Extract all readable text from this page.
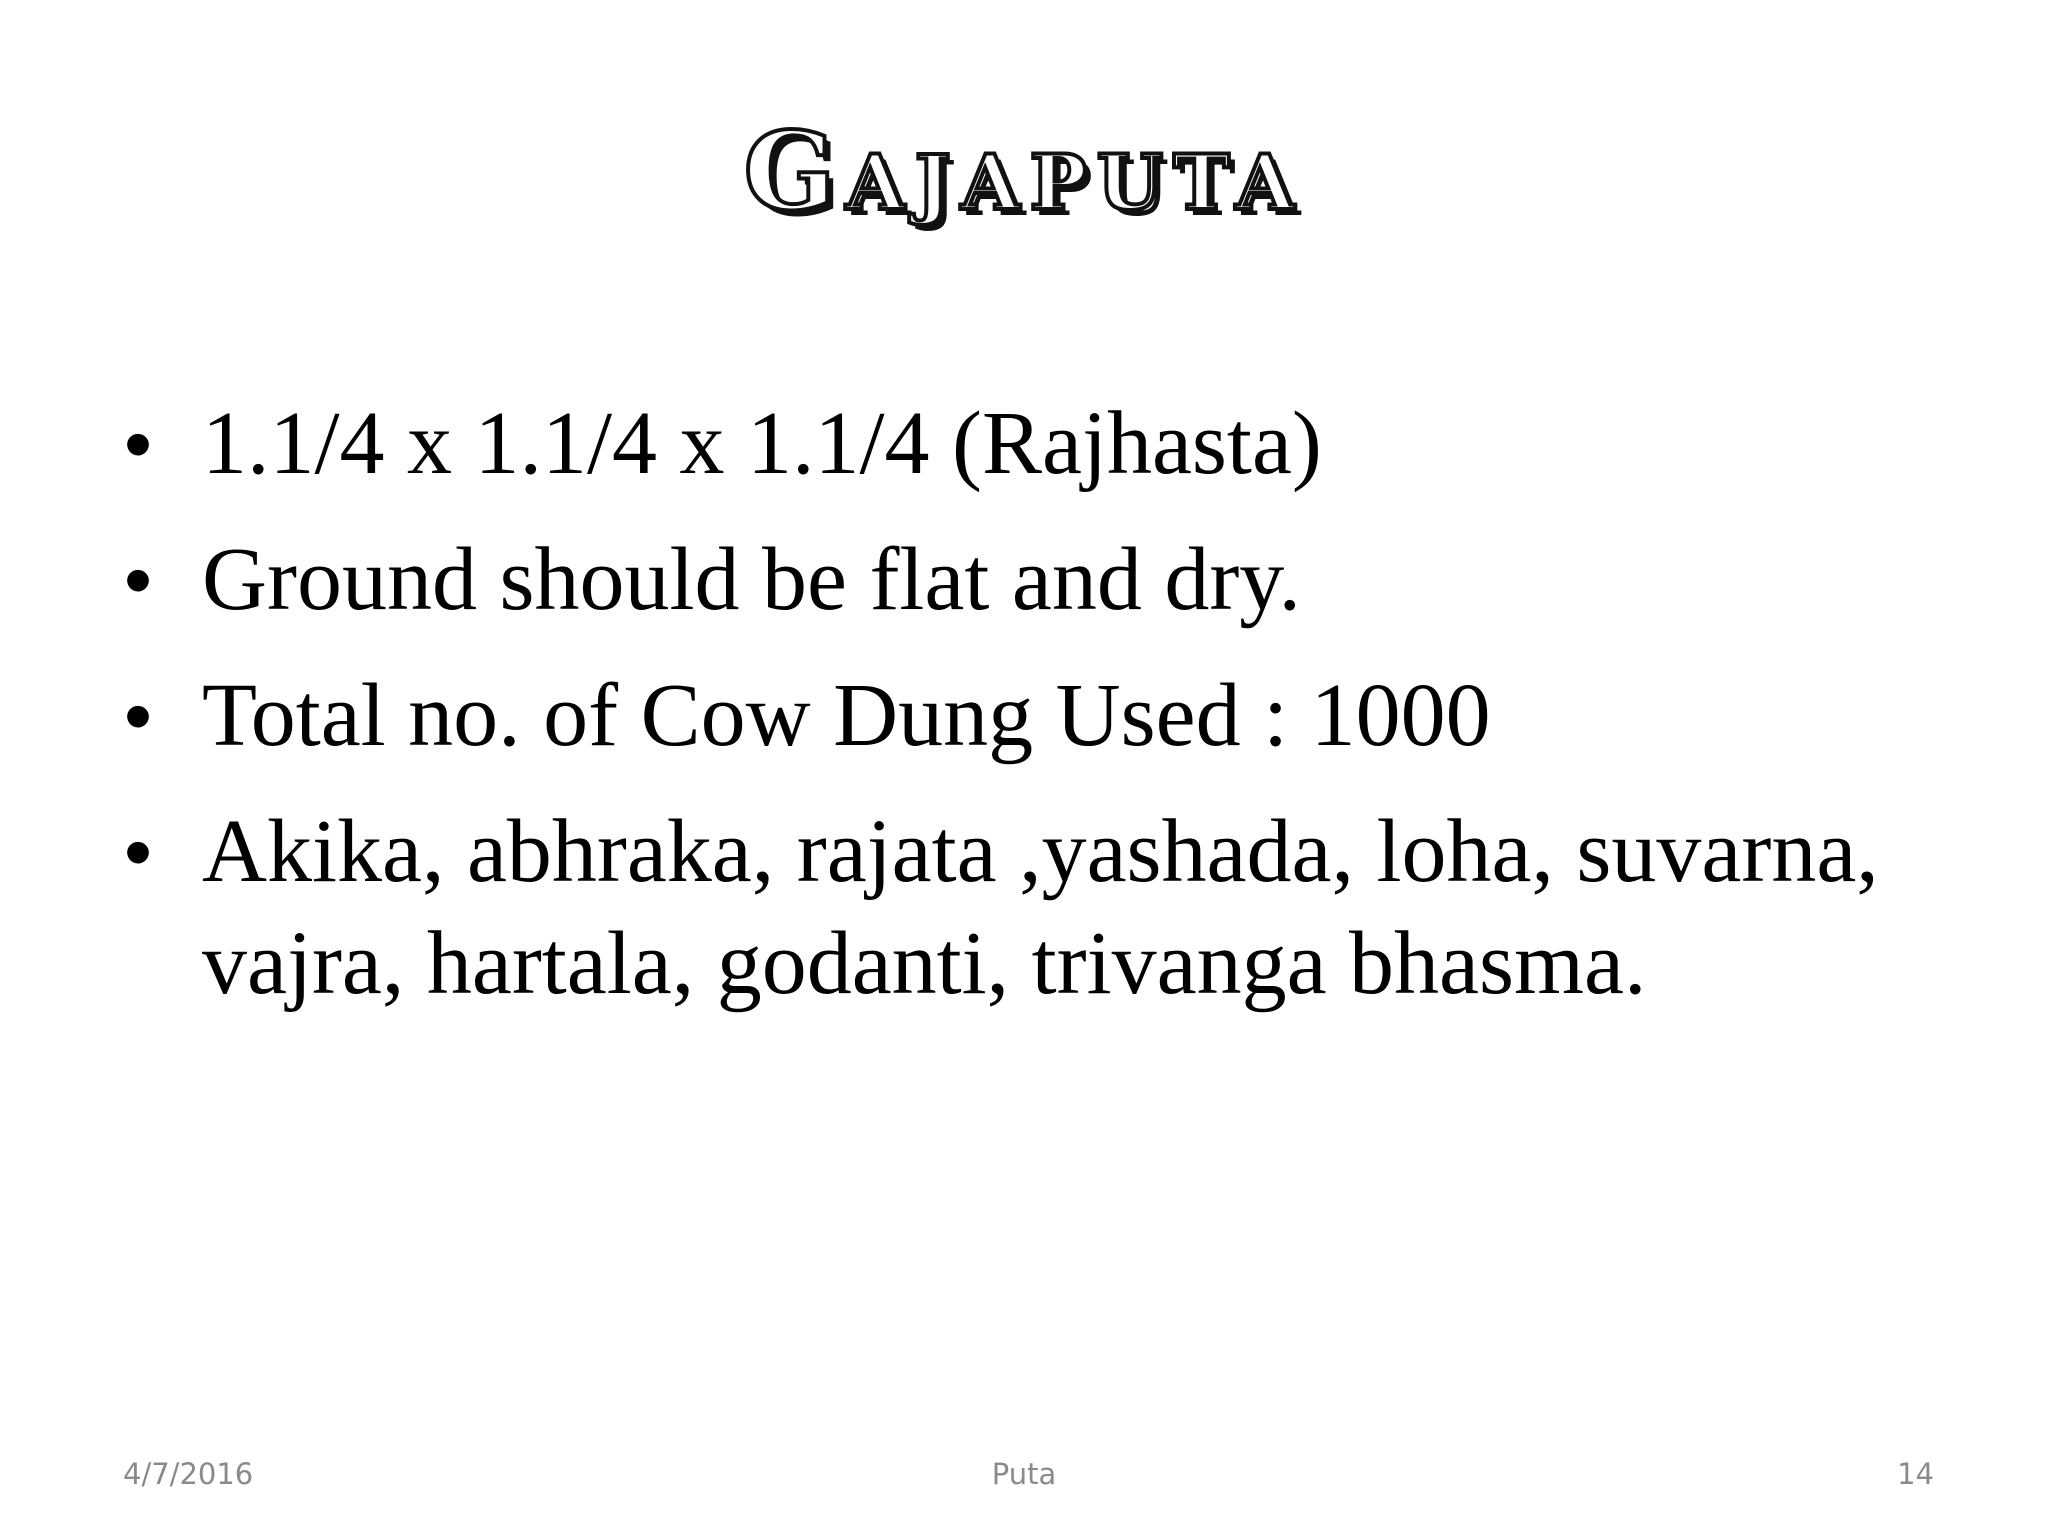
Gajaputa
• 1.1/4 x 1.1/4 x 1.1/4 (Rajhasta)
• Ground should be flat and dry.
• Total no. of Cow Dung Used : 1000
• Akika, abhraka, rajata ,yashada, loha, suvarna, vajra, hartala, godanti, trivanga bhasma.
4/7/2016	Puta	14
